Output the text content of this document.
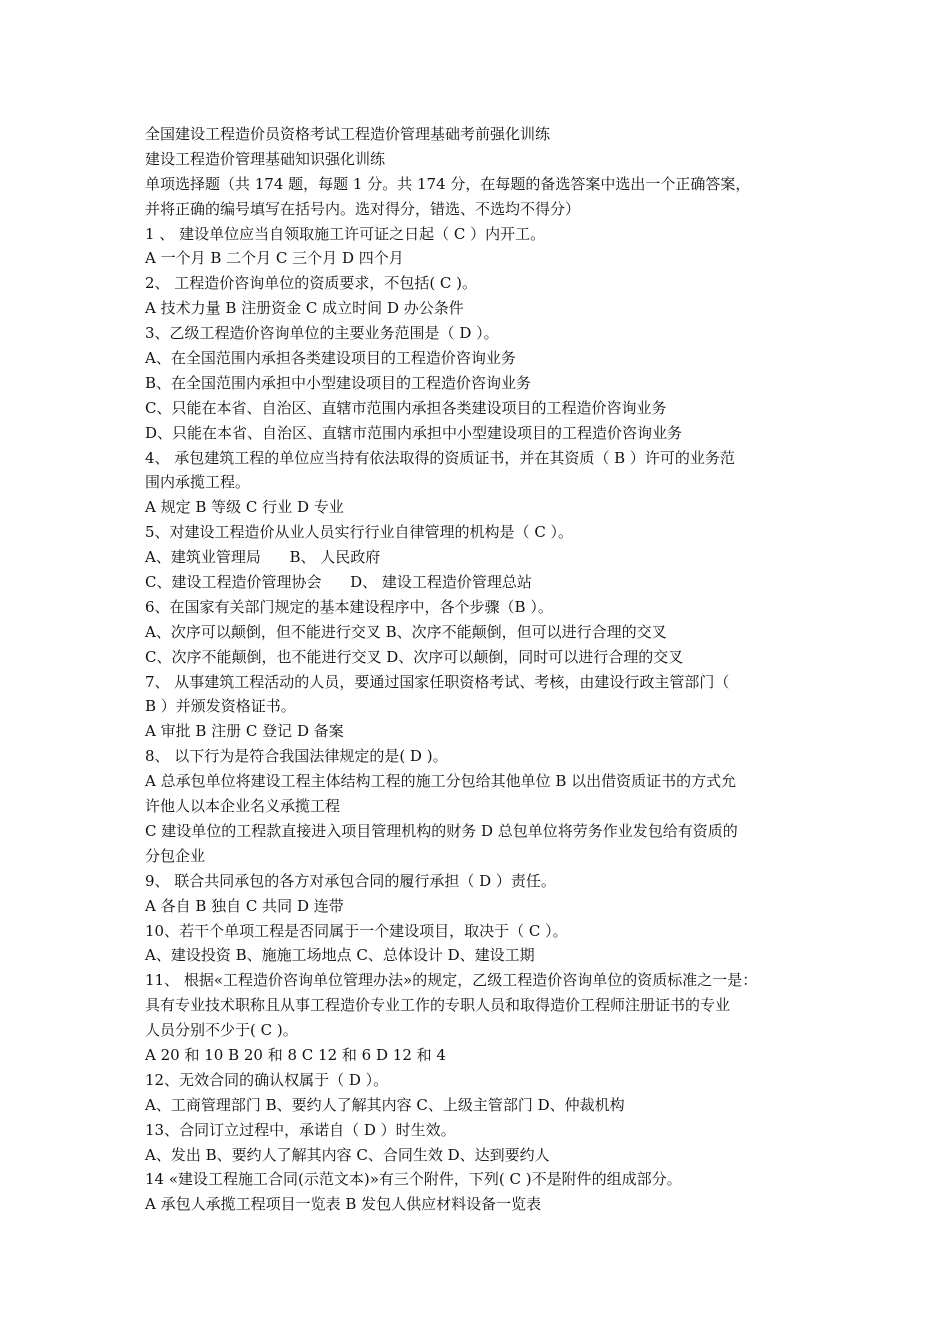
全国建设工程造价员资格考试工程造价管理基础考前强化训练
建设工程造价管理基础知识强化训练
单项选择题（共 174 题，每题 1 分。共 174 分，在每题的备选答案中选出一个正确答案，
并将正确的编号填写在括号内。选对得分，错选、不选均不得分）
1 、 建设单位应当自领取施工许可证之日起（ C ）内开工。
A 一个月 B 二个月 C 三个月 D 四个月
2、 工程造价咨询单位的资质要求，不包括( C )。
A 技术力量 B 注册资金 C 成立时间 D 办公条件
3、乙级工程造价咨询单位的主要业务范围是（ D ）。
A、在全国范围内承担各类建设项目的工程造价咨询业务
B、在全国范围内承担中小型建设项目的工程造价咨询业务
C、只能在本省、自治区、直辖市范围内承担各类建设项目的工程造价咨询业务
D、只能在本省、自治区、直辖市范围内承担中小型建设项目的工程造价咨询业务
4、 承包建筑工程的单位应当持有依法取得的资质证书，并在其资质（ B ）许可的业务范
围内承揽工程。
A 规定 B 等级 C 行业 D 专业
5、对建设工程造价从业人员实行行业自律管理的机构是（ C ）。
A、建筑业管理局      B、 人民政府
C、建设工程造价管理协会      D、 建设工程造价管理总站
6、在国家有关部门规定的基本建设程序中，各个步骤（B ）。
A、次序可以颠倒，但不能进行交叉 B、次序不能颠倒，但可以进行合理的交叉
C、次序不能颠倒，也不能进行交叉 D、次序可以颠倒，同时可以进行合理的交叉
7、 从事建筑工程活动的人员，要通过国家任职资格考试、考核，由建设行政主管部门（
B ）并颁发资格证书。
A 审批 B 注册 C 登记 D 备案
8、 以下行为是符合我国法律规定的是( D )。
A 总承包单位将建设工程主体结构工程的施工分包给其他单位 B 以出借资质证书的方式允
许他人以本企业名义承揽工程
C 建设单位的工程款直接进入项目管理机构的财务 D 总包单位将劳务作业发包给有资质的
分包企业
9、 联合共同承包的各方对承包合同的履行承担（ D ）责任。
A 各自 B 独自 C 共同 D 连带
10、若干个单项工程是否同属于一个建设项目，取决于（ C ）。
A、建设投资 B、施施工场地点 C、总体设计 D、建设工期
11、 根据«工程造价咨询单位管理办法»的规定，乙级工程造价咨询单位的资质标准之一是：
具有专业技术职称且从事工程造价专业工作的专职人员和取得造价工程师注册证书的专业
人员分别不少于( C )。
A 20 和 10 B 20 和 8 C 12 和 6 D 12 和 4
12、无效合同的确认权属于（ D ）。
A、工商管理部门 B、要约人了解其内容 C、上级主管部门 D、仲裁机构
13、合同订立过程中，承诺自（ D ）时生效。
A、发出 B、要约人了解其内容 C、合同生效 D、达到要约人
14 «建设工程施工合同(示范文本)»有三个附件，下列( C )不是附件的组成部分。
A 承包人承揽工程项目一览表 B 发包人供应材料设备一览表
